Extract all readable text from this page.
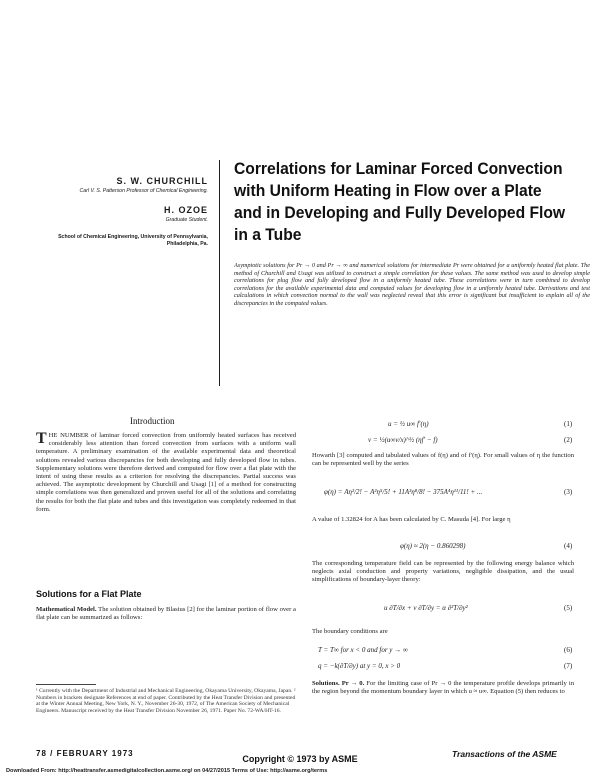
S. W. CHURCHILL
Carl V. S. Patterson Professor of Chemical Engineering.
H. OZOE
Graduate Student.
School of Chemical Engineering, University of Pennsylvania, Philadelphia, Pa.
Correlations for Laminar Forced Convection with Uniform Heating in Flow over a Plate and in Developing and Fully Developed Flow in a Tube
Asymptotic solutions for Pr → 0 and Pr → ∞ and numerical solutions for intermediate Pr were obtained for a uniformly heated flat plate. The method of Churchill and Usagi was utilized to construct a simple correlation for these values. The same method was used to develop simple correlations for plug flow and fully developed flow in a uniformly heated tube. These correlations were in turn combined to develop correlations for the available experimental data and computed values for developing flow in a uniformly heated tube. Derivations and test calculations in which convection normal to the wall was neglected reveal that this error is significant but insufficient to explain all of the discrepancies in the computed values.
Introduction
THE NUMBER of laminar forced convection from uniformly heated surfaces has received considerably less attention than forced convection from surfaces with a uniform wall temperature. A preliminary examination of the available experimental data and theoretical solutions revealed various discrepancies for both developing and fully developed flow in tubes. Supplementary solutions were therefore derived and computed for flow over a flat plate with the intent of using these results as a criterion for resolving the discrepancies. Partial success was achieved. The asymptotic development by Churchill and Usagi [1] of a method for constructing simple correlations was then generalized and proven useful for all of the solutions and correlating the results for both the flat plate and tubes and this investigation was completely redeemed in that form.
Solutions for a Flat Plate
Mathematical Model. The solution obtained by Blasius [2] for the laminar portion of flow over a flat plate can be summarized as follows:
¹ Currently with the Department of Industrial and Mechanical Engineering, Okayama University, Okayama, Japan. ² Numbers in brackets designate References at end of paper. Contributed by the Heat Transfer Division and presented at the Winter Annual Meeting, New York, N. Y., November 26-30, 1972, of The American Society of Mechanical Engineers. Manuscript received by the Heat Transfer Division November 26, 1971. Paper No. 72-WA/HT-16.
u = ½ u∞ f′(η)	(1)
v = ½(u∞ν/x)^½ (ηf′ − f)	(2)
Howarth [3] computed and tabulated values of f(η) and of f′(η). For small values of η the function can be represented well by the series
φ(η) = Aη²/2! − A²η⁵/5! + 11A³η⁸/8! − 375A⁴η¹¹/11! + ...	(3)
A value of 1.32824 for A has been calculated by C. Masuda [4]. For large η
φ(η) ≈ 2(η − 0.860298)	(4)
The corresponding temperature field can be represented by the following energy balance which neglects axial conduction and property variations, negligible dissipation, and the usual simplifications of boundary-layer theory:
u ∂T/∂x + v ∂T/∂y = α ∂²T/∂y²	(5)
The boundary conditions are
T = T∞ for x < 0 and for y → ∞	(6)
q = −k(∂T/∂y) at y = 0, x > 0	(7)
Solutions. Pr → 0. For the limiting case of Pr → 0 the temperature profile develops primarily in the region beyond the momentum boundary layer in which u ≈ u∞. Equation (5) then reduces to
78 / FEBRUARY 1973	Transactions of the ASME
Copyright © 1973 by ASME
Downloaded From: http://heattransfer.asmedigitalcollection.asme.org/ on 04/27/2015 Terms of Use: http://asme.org/terms
